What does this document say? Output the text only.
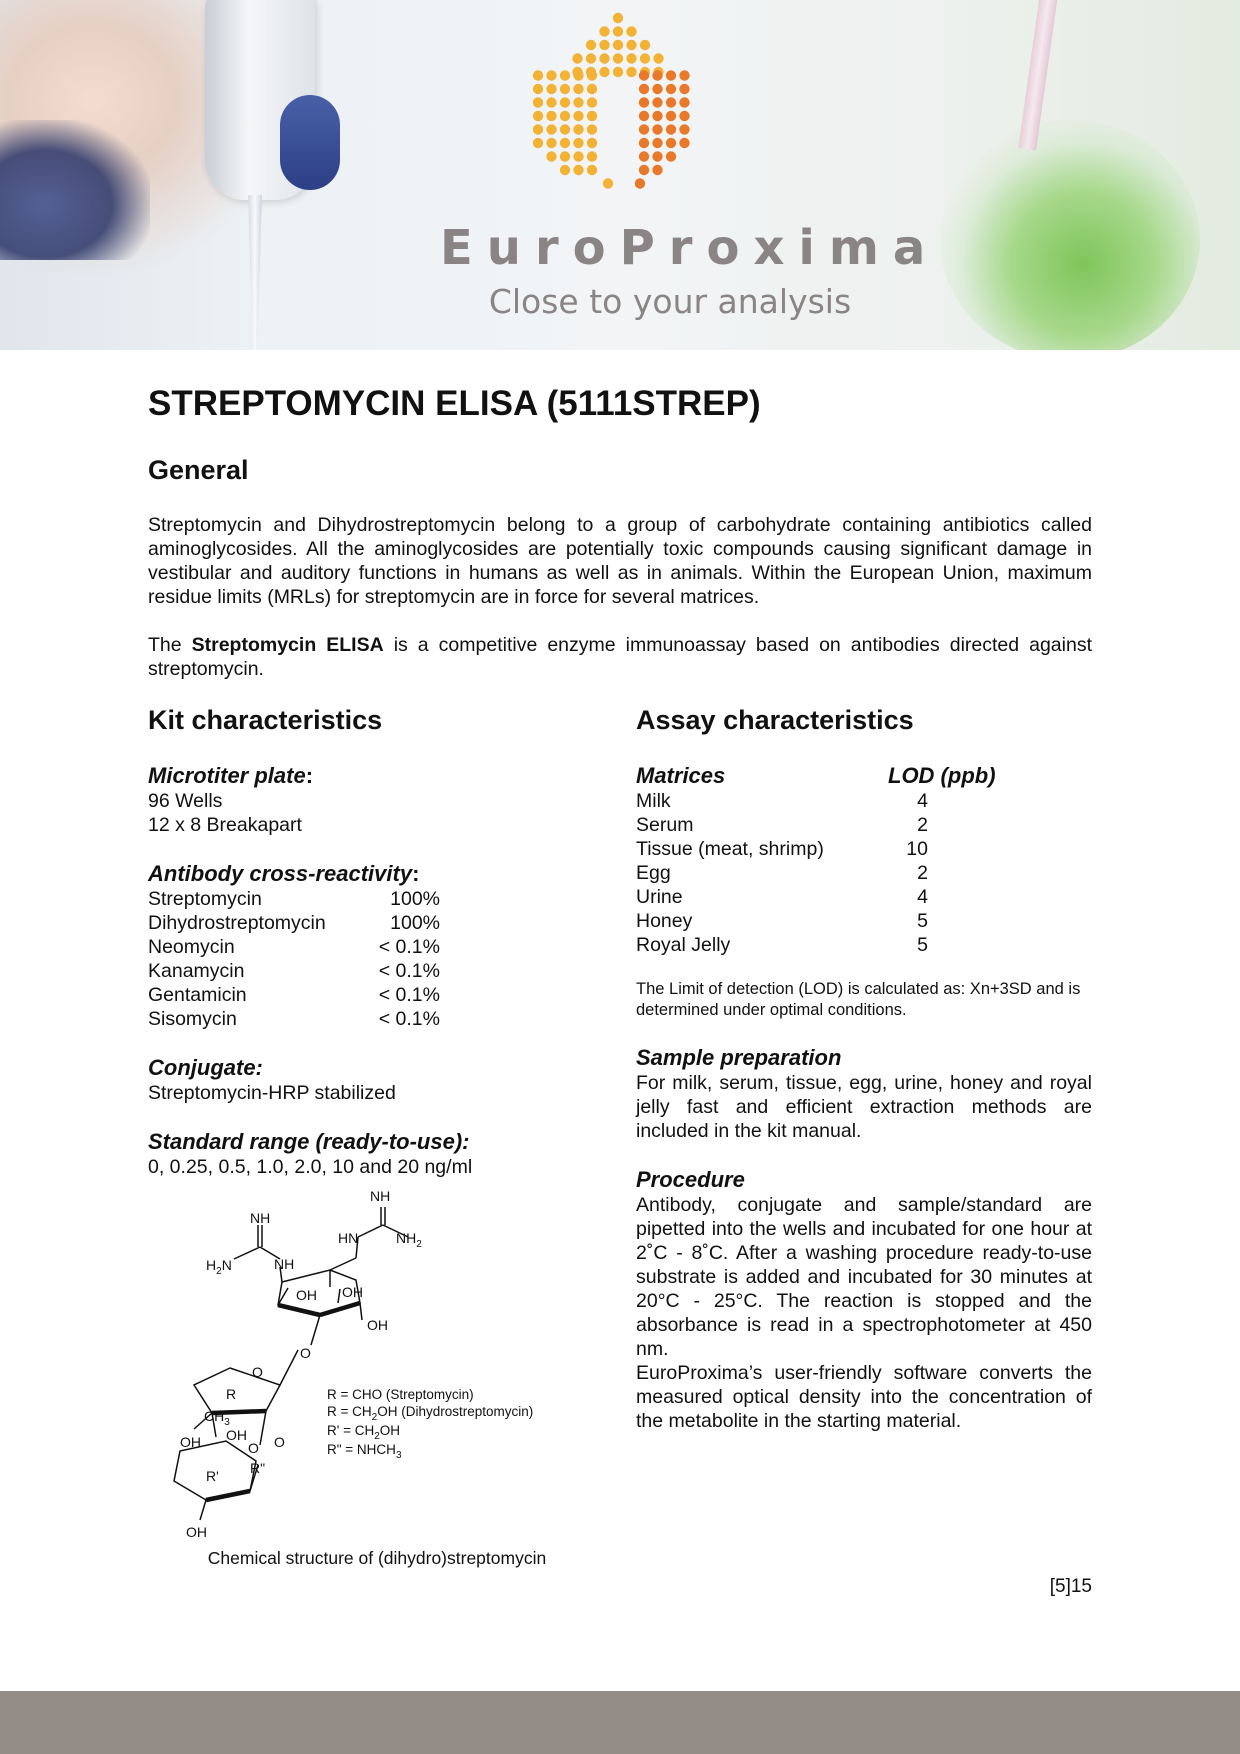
EuroProxima
Close to your analysis
STREPTOMYCIN ELISA (5111STREP)
General
Streptomycin and Dihydrostreptomycin belong to a group of carbohydrate containing antibiotics called aminoglycosides. All the aminoglycosides are potentially toxic compounds causing significant damage in vestibular and auditory functions in humans as well as in animals. Within the European Union, maximum residue limits (MRLs) for streptomycin are in force for several matrices.
The Streptomycin ELISA is a competitive enzyme immunoassay based on antibodies directed against streptomycin.
Kit characteristics
Microtiter plate:
96 Wells
12 x 8 Breakapart
Antibody cross-reactivity:
Streptomycin	100%
Dihydrostreptomycin	100%
Neomycin	< 0.1%
Kanamycin	< 0.1%
Gentamicin	< 0.1%
Sisomycin	< 0.1%
Conjugate:
Streptomycin-HRP stabilized
Standard range (ready-to-use):
0, 0.25, 0.5, 1.0, 2.0, 10 and 20 ng/ml
NH
HN	$NH_2$
NH
$H_2N$	NH
OH OH
OH
O
O
R
$CH_3$
OH O
OH	O
R' R"
OH
R = CHO (Streptomycin)
$R = CH_2OH$ (Dihydrostreptomycin)
$R' = CH_2OH$
R" = $NHCH_3$
Chemical structure of (dihydro)streptomycin
Assay characteristics
Matrices	LOD (ppb)
Milk	4
Serum	2
Tissue (meat, shrimp)	10
Egg	2
Urine	4
Honey	5
Royal Jelly	5
The Limit of detection (LOD) is calculated as: Xn+3SD and is determined under optimal conditions.
Sample preparation
For milk, serum, tissue, egg, urine, honey and royal jelly fast and efficient extraction methods are included in the kit manual.
Procedure
Antibody, conjugate and sample/standard are pipetted into the wells and incubated for one hour at 2˚C - 8˚C. After a washing procedure ready-to-use substrate is added and incubated for 30 minutes at 20°C - 25°C. The reaction is stopped and the absorbance is read in a spectrophotometer at 450 nm.
EuroProxima’s user-friendly software converts the measured optical density into the concentration of the metabolite in the starting material.
[5]15
